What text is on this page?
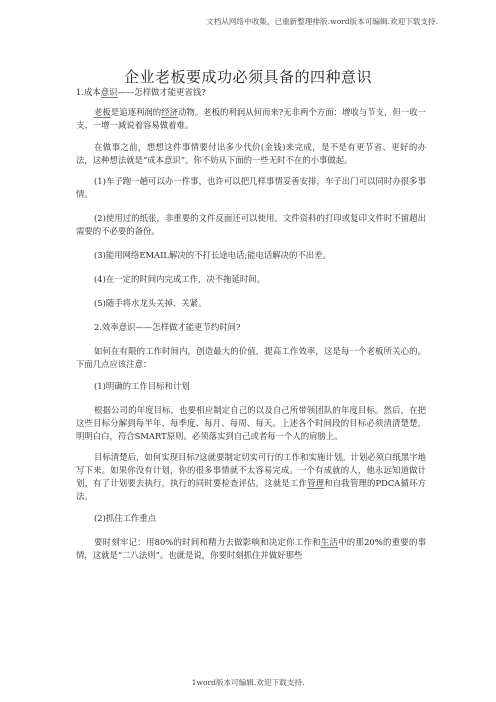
文档从网络中收集，已重新整理排版.word版本可编辑.欢迎下载支持.
企业老板要成功必须具备的四种意识

1.成本意识——怎样做才能更省钱?

老板是追逐利润的经济动物。老板的利润从何而来?无非两个方面：增收与节支，但一收一支、一增一减说着容易做着难。

在做事之前，想想这件事情要付出多少代价(金钱)来完成，是不是有更节省、更好的办法，这种想法就是“成本意识”。你不妨从下面的一些无时不在的小事做起。

(1)车子跑一趟可以办一件事，也许可以把几样事情妥善安排，车子出门可以同时办很多事情。

(2)使用过的纸张，非重要的文件反面还可以使用。文件资料的打印或复印文件时不留超出需要的不必要的备份。

(3)能用网络EMAIL解决的不打长途电话;能电话解决的不出差。

(4)在一定的时间内完成工作，决不拖延时间。

(5)随手将水龙头关掉、关紧。

2.效率意识——怎样做才能更节约时间?

如何在有限的工作时间内，创造最大的价值，提高工作效率，这是每一个老板所关心的。下面几点应该注意：

(1)明确的工作目标和计划

根据公司的年度目标，也要相应制定自己的以及自己所带领团队的年度目标。然后，在把这些目标分解到每半年、每季度、每月、每周、每天。上述各个时间段的目标必须清清楚楚，明明白白，符合SMART原则。必须落实到自己或者每一个人的肩膀上。

目标清楚后，如何实现目标?这就要制定切实可行的工作和实施计划。计划必须白纸黑字地写下来。如果你没有计划，你的很多事情就不太容易完成。一个有成就的人，他永远知道做计划，有了计划要去执行，执行的同时要检查评估，这就是工作管理和自我管理的PDCA循环方法。

(2)抓住工作重点

要时刻牢记：用80%的时间和精力去做影响和决定你工作和生活中的那20%的重要的事情，这就是“二八法则”。也就是说，你要时刻抓住并做好那些

1word版本可编辑.欢迎下载支持.
